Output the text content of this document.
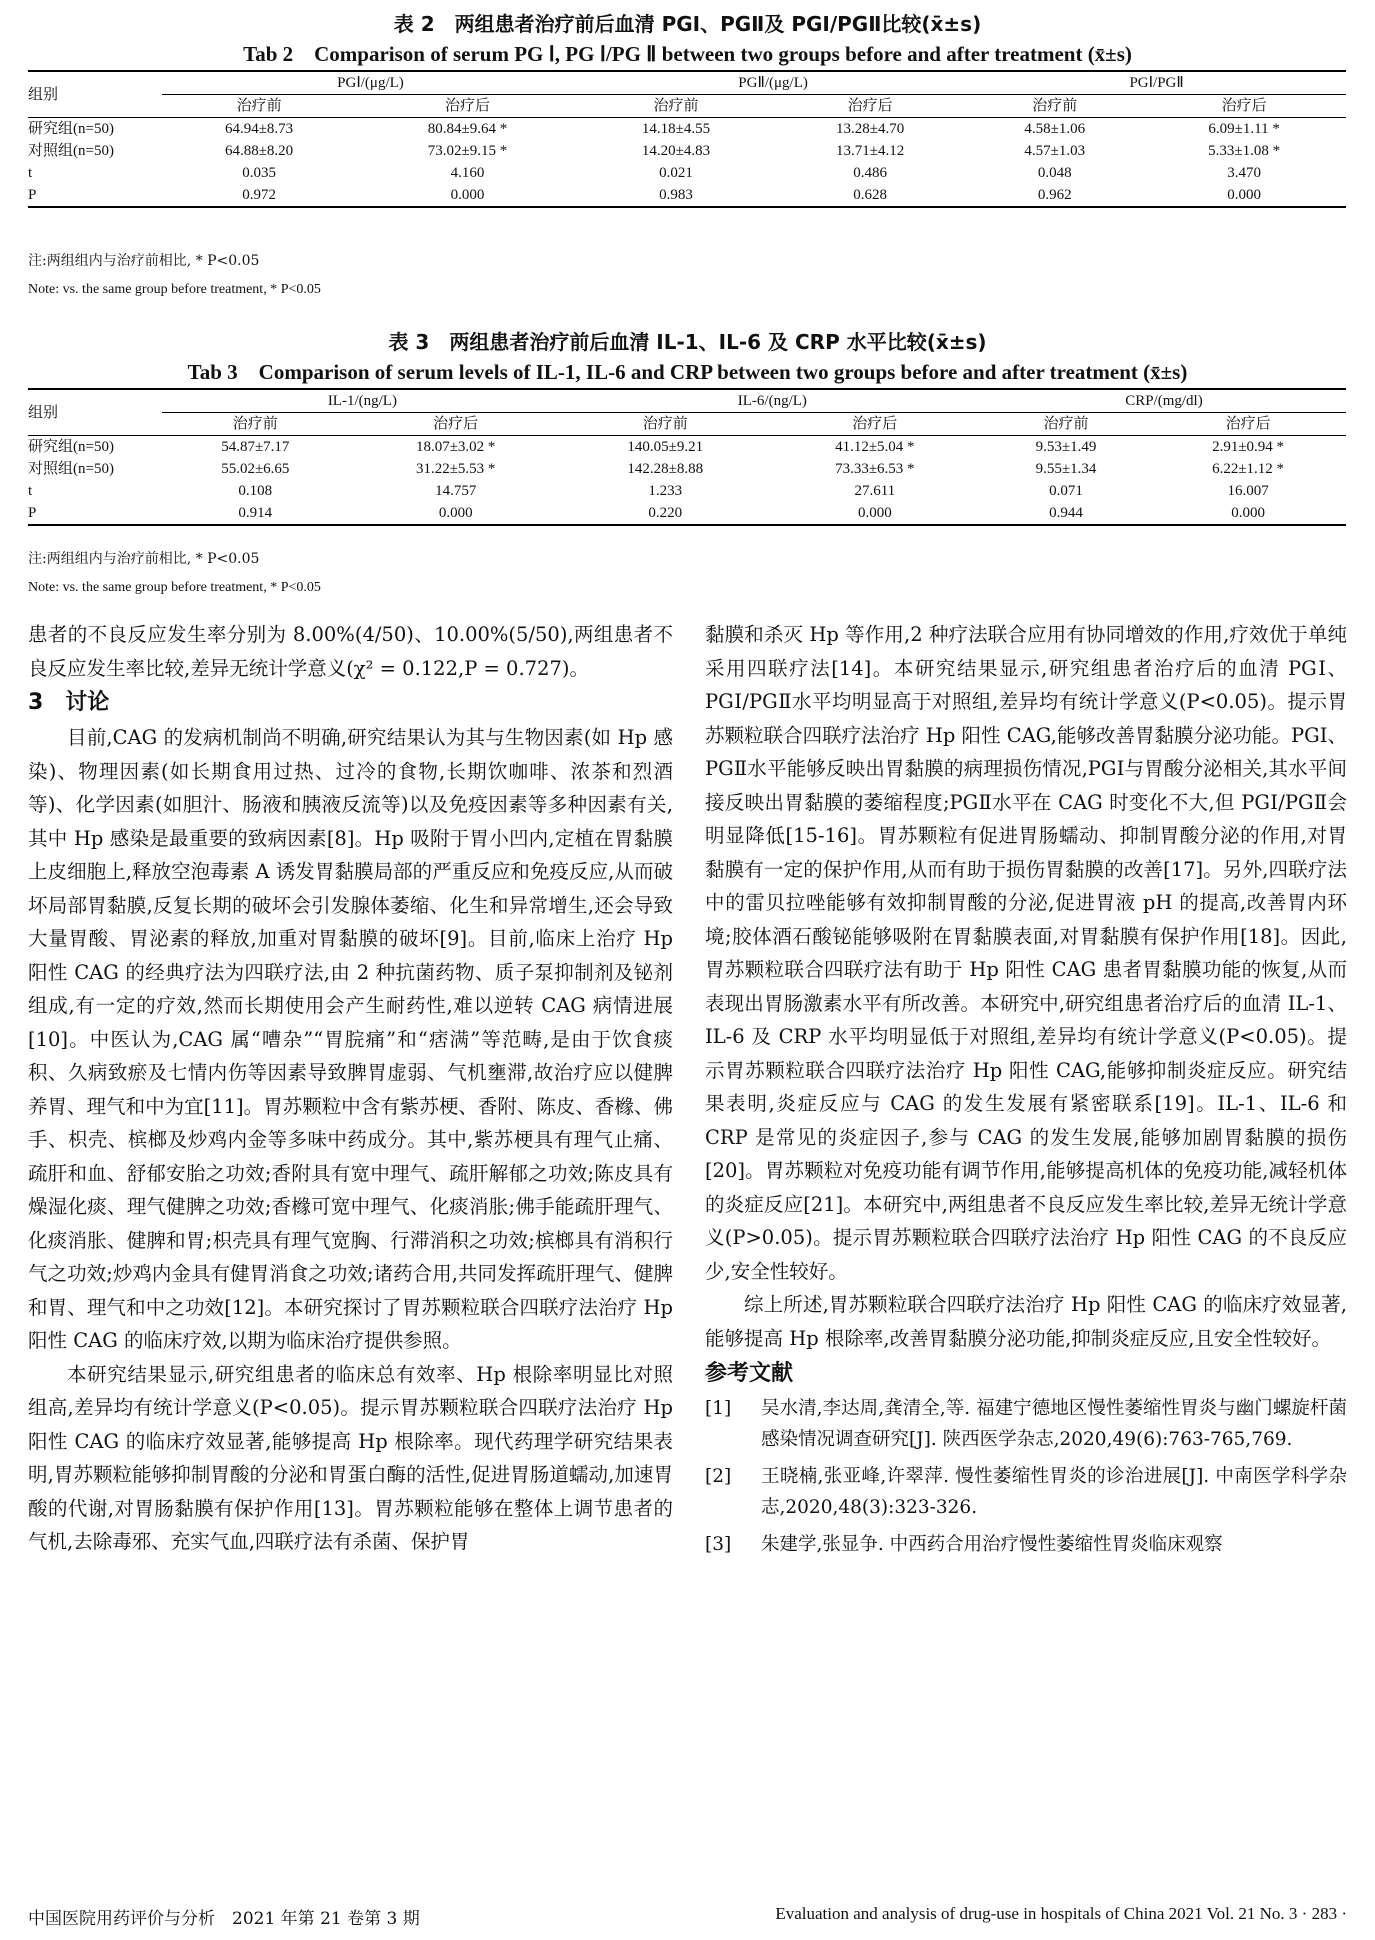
表 2　两组患者治疗前后血清 PGⅠ、PGⅡ及 PGⅠ/PGⅡ比较(x̄±s)
Tab 2　Comparison of serum PG Ⅰ, PG Ⅰ/PG Ⅱ between two groups before and after treatment (x̄±s)
组别	PGⅠ/(μg/L)		PGⅡ/(μg/L)		PGⅠ/PGⅡ	
	治疗前	治疗后	治疗前	治疗后	治疗前	治疗后
研究组(n=50)	64.94±8.73	80.84±9.64 *	14.18±4.55	13.28±4.70	4.58±1.06	6.09±1.11 *
对照组(n=50)	64.88±8.20	73.02±9.15 *	14.20±4.83	13.71±4.12	4.57±1.03	5.33±1.08 *
t	0.035	4.160	0.021	0.486	0.048	3.470
P	0.972	0.000	0.983	0.628	0.962	0.000
注:两组组内与治疗前相比, * P<0.05
Note: vs. the same group before treatment, * P<0.05
表 3　两组患者治疗前后血清 IL-1、IL-6 及 CRP 水平比较(x̄±s)
Tab 3　Comparison of serum levels of IL-1, IL-6 and CRP between two groups before and after treatment (x̄±s)
组别	IL-1/(ng/L)		IL-6/(ng/L)		CRP/(mg/dl)	
	治疗前	治疗后	治疗前	治疗后	治疗前	治疗后
研究组(n=50)	54.87±7.17	18.07±3.02 *	140.05±9.21	41.12±5.04 *	9.53±1.49	2.91±0.94 *
对照组(n=50)	55.02±6.65	31.22±5.53 *	142.28±8.88	73.33±6.53 *	9.55±1.34	6.22±1.12 *
t	0.108	14.757	1.233	27.611	0.071	16.007
P	0.914	0.000	0.220	0.000	0.944	0.000
注:两组组内与治疗前相比, * P<0.05
Note: vs. the same group before treatment, * P<0.05

患者的不良反应发生率分别为 8.00%(4/50)、10.00%(5/50),两组患者不良反应发生率比较,差异无统计学意义(χ² = 0.122,P = 0.727)。

3　讨论

目前,CAG 的发病机制尚不明确,研究结果认为其与生物因素(如 Hp 感染)、物理因素(如长期食用过热、过冷的食物,长期饮咖啡、浓茶和烈酒等)、化学因素(如胆汁、肠液和胰液反流等)以及免疫因素等多种因素有关,其中 Hp 感染是最重要的致病因素[8]。Hp 吸附于胃小凹内,定植在胃黏膜上皮细胞上,释放空泡毒素 A 诱发胃黏膜局部的严重反应和免疫反应,从而破坏局部胃黏膜,反复长期的破坏会引发腺体萎缩、化生和异常增生,还会导致大量胃酸、胃泌素的释放,加重对胃黏膜的破坏[9]。目前,临床上治疗 Hp 阳性 CAG 的经典疗法为四联疗法,由 2 种抗菌药物、质子泵抑制剂及铋剂组成,有一定的疗效,然而长期使用会产生耐药性,难以逆转 CAG 病情进展[10]。中医认为,CAG 属“嘈杂”“胃脘痛”和“痞满”等范畴,是由于饮食痰积、久病致瘀及七情内伤等因素导致脾胃虚弱、气机壅滞,故治疗应以健脾养胃、理气和中为宜[11]。胃苏颗粒中含有紫苏梗、香附、陈皮、香橼、佛手、枳壳、槟榔及炒鸡内金等多味中药成分。其中,紫苏梗具有理气止痛、疏肝和血、舒郁安胎之功效;香附具有宽中理气、疏肝解郁之功效;陈皮具有燥湿化痰、理气健脾之功效;香橼可宽中理气、化痰消胀;佛手能疏肝理气、化痰消胀、健脾和胃;枳壳具有理气宽胸、行滞消积之功效;槟榔具有消积行气之功效;炒鸡内金具有健胃消食之功效;诸药合用,共同发挥疏肝理气、健脾和胃、理气和中之功效[12]。本研究探讨了胃苏颗粒联合四联疗法治疗 Hp 阳性 CAG 的临床疗效,以期为临床治疗提供参照。

本研究结果显示,研究组患者的临床总有效率、Hp 根除率明显比对照组高,差异均有统计学意义(P<0.05)。提示胃苏颗粒联合四联疗法治疗 Hp 阳性 CAG 的临床疗效显著,能够提高 Hp 根除率。现代药理学研究结果表明,胃苏颗粒能够抑制胃酸的分泌和胃蛋白酶的活性,促进胃肠道蠕动,加速胃酸的代谢,对胃肠黏膜有保护作用[13]。胃苏颗粒能够在整体上调节患者的气机,去除毒邪、充实气血,四联疗法有杀菌、保护胃

黏膜和杀灭 Hp 等作用,2 种疗法联合应用有协同增效的作用,疗效优于单纯采用四联疗法[14]。本研究结果显示,研究组患者治疗后的血清 PGⅠ、PGⅠ/PGⅡ水平均明显高于对照组,差异均有统计学意义(P<0.05)。提示胃苏颗粒联合四联疗法治疗 Hp 阳性 CAG,能够改善胃黏膜分泌功能。PGⅠ、PGⅡ水平能够反映出胃黏膜的病理损伤情况,PGⅠ与胃酸分泌相关,其水平间接反映出胃黏膜的萎缩程度;PGⅡ水平在 CAG 时变化不大,但 PGⅠ/PGⅡ会明显降低[15-16]。胃苏颗粒有促进胃肠蠕动、抑制胃酸分泌的作用,对胃黏膜有一定的保护作用,从而有助于损伤胃黏膜的改善[17]。另外,四联疗法中的雷贝拉唑能够有效抑制胃酸的分泌,促进胃液 pH 的提高,改善胃内环境;胶体酒石酸铋能够吸附在胃黏膜表面,对胃黏膜有保护作用[18]。因此,胃苏颗粒联合四联疗法有助于 Hp 阳性 CAG 患者胃黏膜功能的恢复,从而表现出胃肠激素水平有所改善。本研究中,研究组患者治疗后的血清 IL-1、IL-6 及 CRP 水平均明显低于对照组,差异均有统计学意义(P<0.05)。提示胃苏颗粒联合四联疗法治疗 Hp 阳性 CAG,能够抑制炎症反应。研究结果表明,炎症反应与 CAG 的发生发展有紧密联系[19]。IL-1、IL-6 和 CRP 是常见的炎症因子,参与 CAG 的发生发展,能够加剧胃黏膜的损伤[20]。胃苏颗粒对免疫功能有调节作用,能够提高机体的免疫功能,减轻机体的炎症反应[21]。本研究中,两组患者不良反应发生率比较,差异无统计学意义(P>0.05)。提示胃苏颗粒联合四联疗法治疗 Hp 阳性 CAG 的不良反应少,安全性较好。

综上所述,胃苏颗粒联合四联疗法治疗 Hp 阳性 CAG 的临床疗效显著,能够提高 Hp 根除率,改善胃黏膜分泌功能,抑制炎症反应,且安全性较好。

参考文献
[1] 吴水清,李达周,龚清全,等. 福建宁德地区慢性萎缩性胃炎与幽门螺旋杆菌感染情况调查研究[J]. 陕西医学杂志,2020,49(6):763-765,769.
[2] 王晓楠,张亚峰,许翠萍. 慢性萎缩性胃炎的诊治进展[J]. 中南医学科学杂志,2020,48(3):323-326.
[3] 朱建学,张显争. 中西药合用治疗慢性萎缩性胃炎临床观察
中国医院用药评价与分析　2021 年第 21 卷第 3 期	Evaluation and analysis of drug-use in hospitals of China 2021 Vol. 21 No. 3 · 283 ·
